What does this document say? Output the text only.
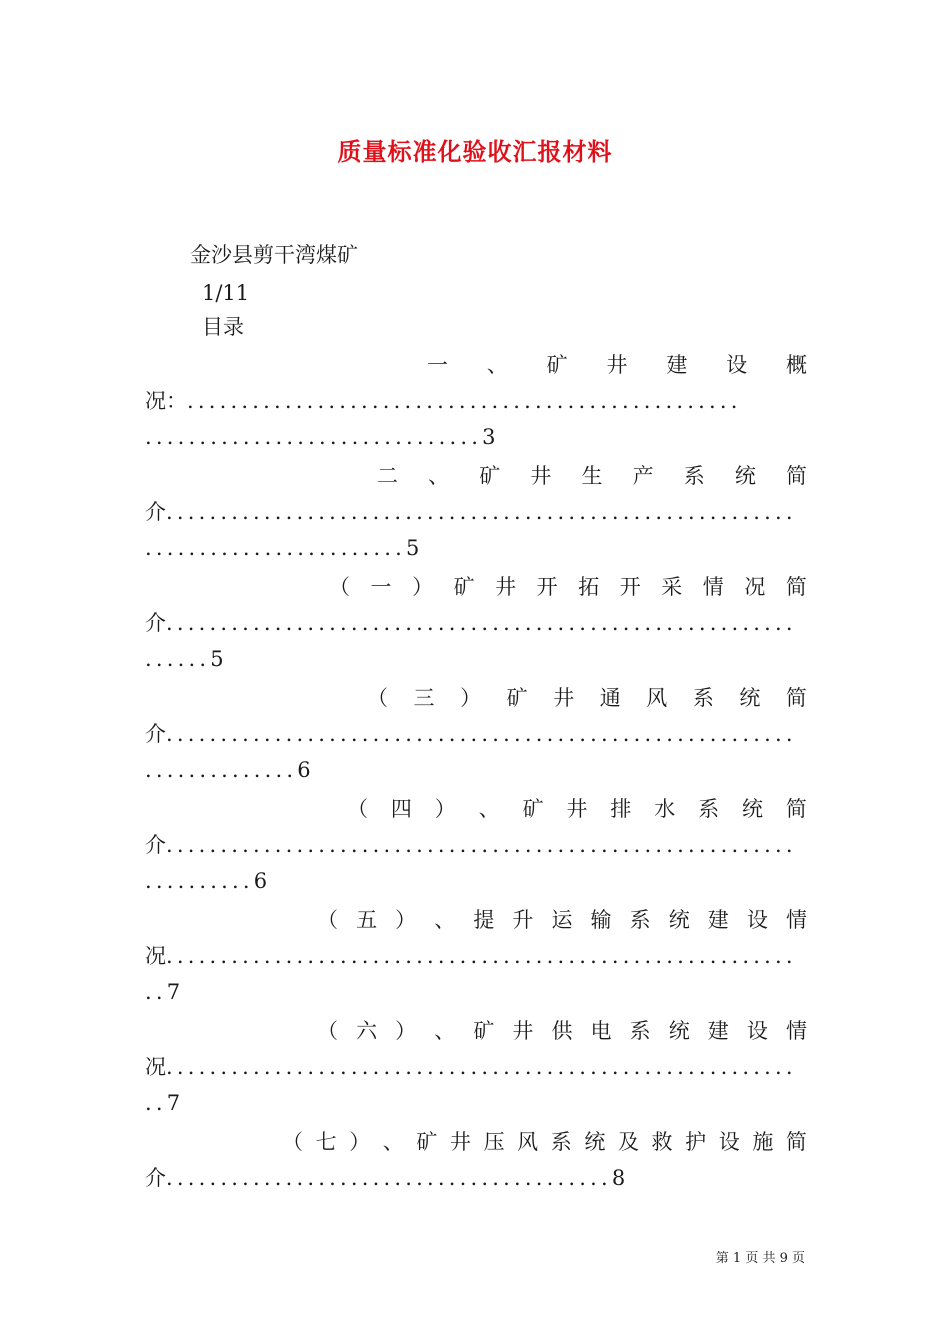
质量标准化验收汇报材料
金沙县剪干湾煤矿
1/11
目录
一 、 矿 井 建 设 概
况：...................................................
...............................3
二 、 矿 井 生 产 系 统 简
介..........................................................
........................5
（ 一 ） 矿 井 开 拓 开 采 情 况 简
介..........................................................
......5
（ 三 ） 矿 井 通 风 系 统 简
介..........................................................
..............6
（ 四 ） 、 矿 井 排 水 系 统 简
介..........................................................
..........6
（ 五 ） 、 提 升 运 输 系 统 建 设 情
况..........................................................
..7
（ 六 ） 、 矿 井 供 电 系 统 建 设 情
况..........................................................
..7
（ 七 ） 、 矿 井 压 风 系 统 及 救 护 设 施 简
介.........................................8
第 1 页 共 9 页
